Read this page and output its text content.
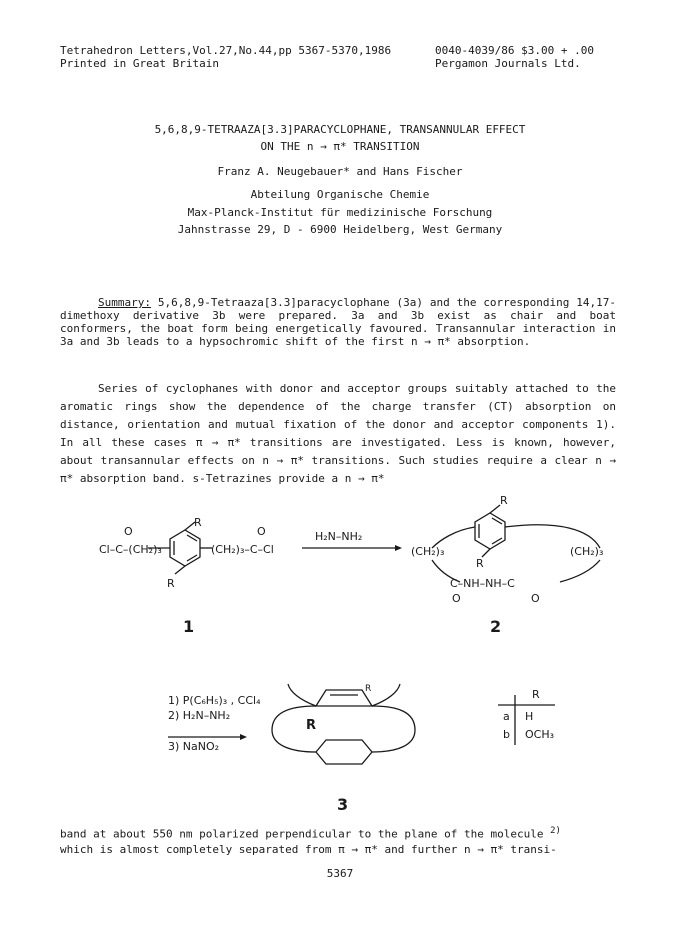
Tetrahedron Letters,Vol.27,No.44,pp 5367-5370,1986
Printed in Great Britain
0040-4039/86 $3.00 + .00
Pergamon Journals Ltd.
5,6,8,9-TETRAAZA[3.3]PARACYCLOPHANE, TRANSANNULAR EFFECT
ON THE n → π* TRANSITION
Franz A. Neugebauer* and Hans Fischer
Abteilung Organische Chemie
Max-Planck-Institut für medizinische Forschung
Jahnstrasse 29, D - 6900 Heidelberg, West Germany
Summary: 5,6,8,9-Tetraaza[3.3]paracyclophane (3a) and the corresponding 14,17-dimethoxy derivative 3b were prepared. 3a and 3b exist as chair and boat conformers, the boat form being energetically favoured. Transannular interaction in 3a and 3b leads to a hypsochromic shift of the first n → π* absorption.
Series of cyclophanes with donor and acceptor groups suitably attached to the aromatic rings show the dependence of the charge transfer (CT) absorption on distance, orientation and mutual fixation of the donor and acceptor components 1). In all these cases π → π* transitions are investigated. Less is known, however, about transannular effects on n → π* transitions. Such studies require a clear n → π* absorption band. s-Tetrazines provide a n → π*
Cl–C–(CH₂)₃	(CH₂)₃–C–Cl
O	O
R
R
H₂N–NH₂
(CH₂)₃	(CH₂)₃
R
R
C–NH–NH–C
O	O
1	2
3
1) P(C₆H₅)₃ , CCl₄
2) H₂N–NH₂
3) NaNO₂
R
R
R
a H
b OCH₃
band at about 550 nm polarized perpendicular to the plane of the molecule $^{2)}$
which is almost completely separated from π → π* and further n → π* transi-
5367
